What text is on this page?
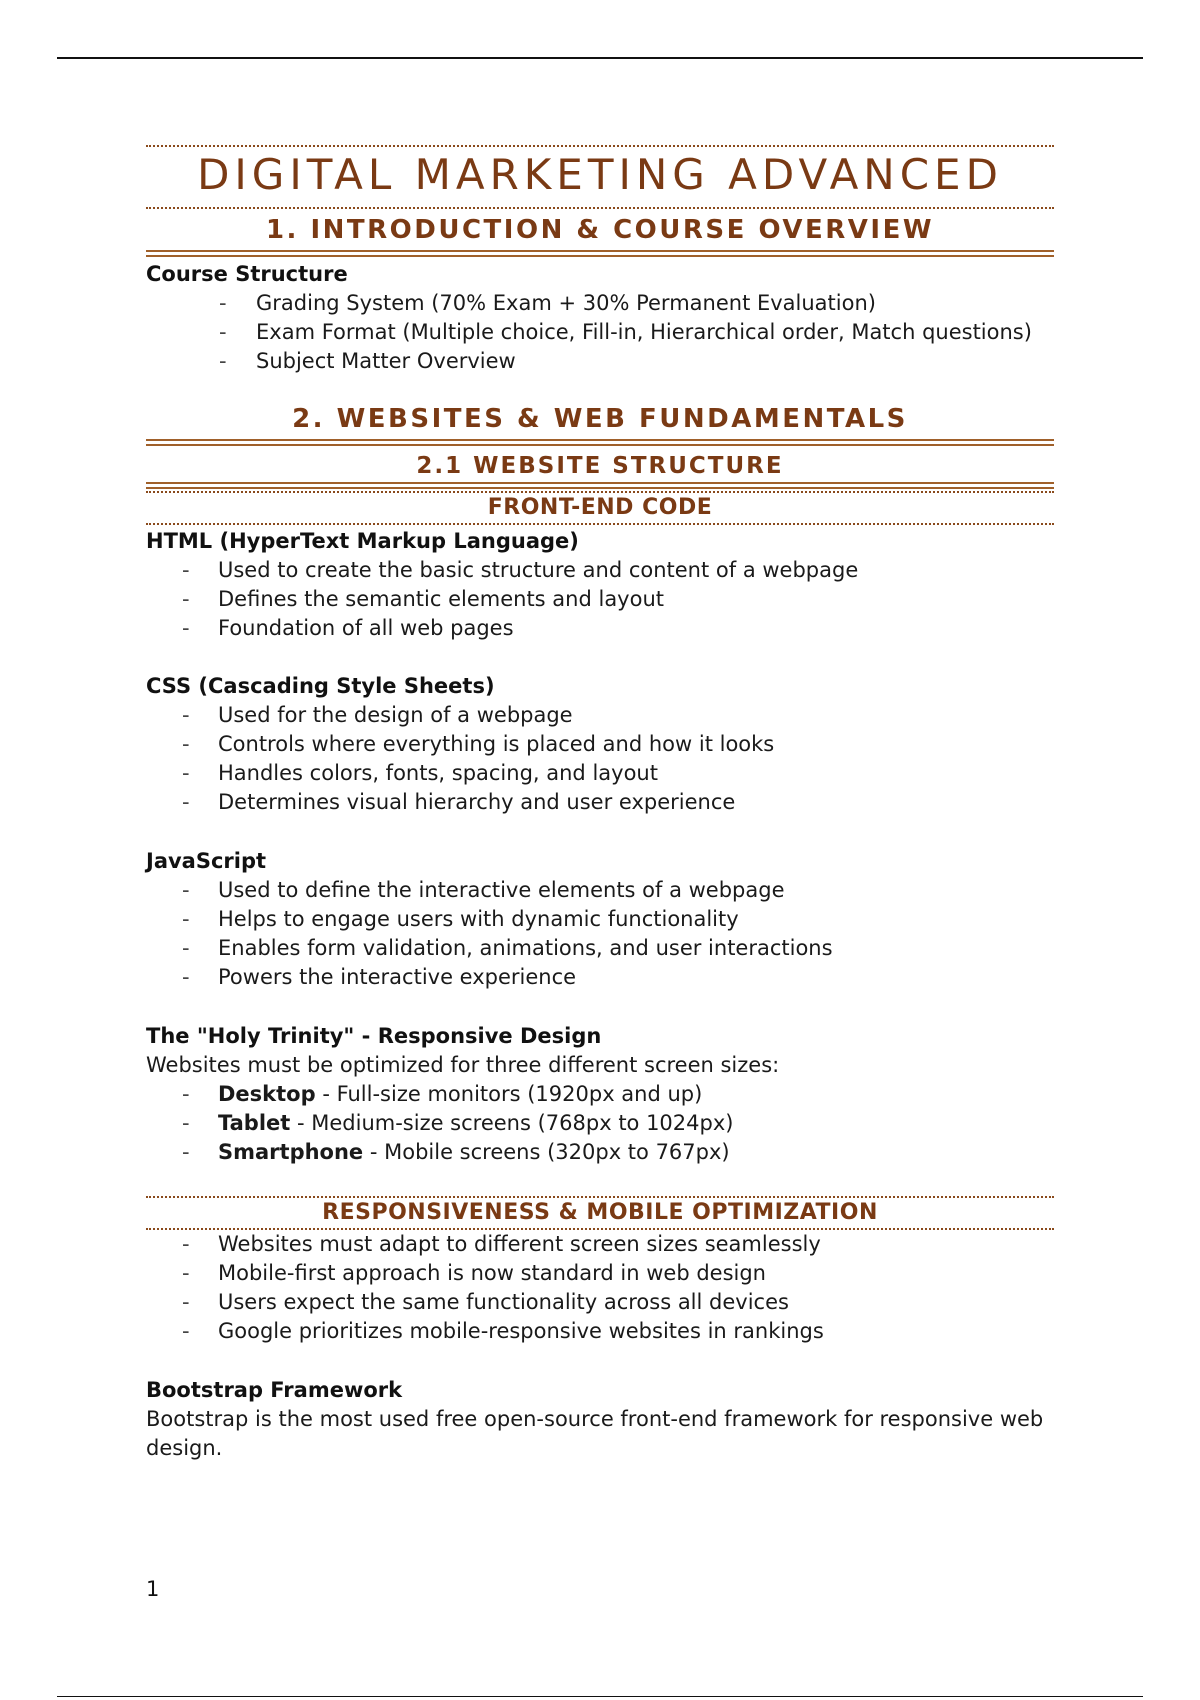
DIGITAL MARKETING ADVANCED
1. INTRODUCTION & COURSE OVERVIEW
Course Structure
- Grading System (70% Exam + 30% Permanent Evaluation)
- Exam Format (Multiple choice, Fill-in, Hierarchical order, Match questions)
- Subject Matter Overview
2. WEBSITES & WEB FUNDAMENTALS
2.1 WEBSITE STRUCTURE
FRONT-END CODE
HTML (HyperText Markup Language)
- Used to create the basic structure and content of a webpage
- Defines the semantic elements and layout
- Foundation of all web pages
CSS (Cascading Style Sheets)
- Used for the design of a webpage
- Controls where everything is placed and how it looks
- Handles colors, fonts, spacing, and layout
- Determines visual hierarchy and user experience
JavaScript
- Used to define the interactive elements of a webpage
- Helps to engage users with dynamic functionality
- Enables form validation, animations, and user interactions
- Powers the interactive experience
The "Holy Trinity" - Responsive Design

Websites must be optimized for three different screen sizes:

- Desktop - Full-size monitors (1920px and up)
- Tablet - Medium-size screens (768px to 1024px)
- Smartphone - Mobile screens (320px to 767px)
RESPONSIVENESS & MOBILE OPTIMIZATION
- Websites must adapt to different screen sizes seamlessly
- Mobile-first approach is now standard in web design
- Users expect the same functionality across all devices
- Google prioritizes mobile-responsive websites in rankings
Bootstrap Framework

Bootstrap is the most used free open-source front-end framework for responsive web design.

1
